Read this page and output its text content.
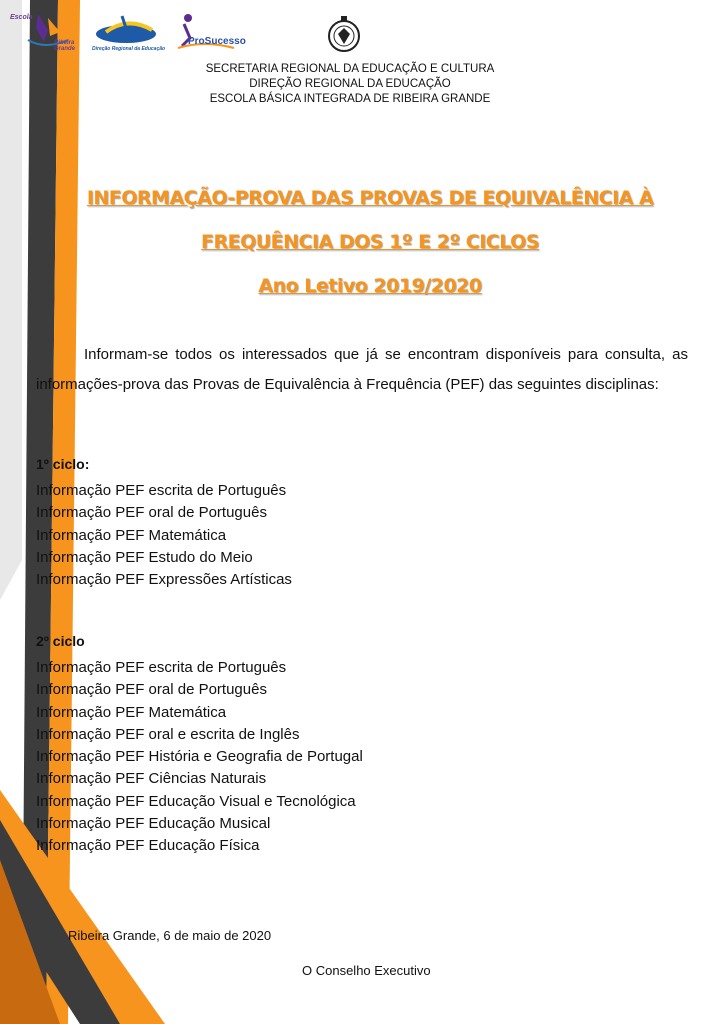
Escola
Ribeira Grande	Direção Regional da Educação
ProSucesso
SECRETARIA REGIONAL DA EDUCAÇÃO E CULTURA
DIREÇÃO REGIONAL DA EDUCAÇÃO
ESCOLA BÁSICA INTEGRADA DE RIBEIRA GRANDE
INFORMAÇÃO-PROVA DAS PROVAS DE EQUIVALÊNCIA À
FREQUÊNCIA DOS 1º E 2º CICLOS
Ano Letivo 2019/2020

Informam-se todos os interessados que já se encontram disponíveis para consulta, as informações-prova das Provas de Equivalência à Frequência (PEF) das seguintes disciplinas:

1º ciclo:
Informação PEF escrita de Português
Informação PEF oral de Português
Informação PEF Matemática
Informação PEF Estudo do Meio
Informação PEF Expressões Artísticas
2º ciclo
Informação PEF escrita de Português
Informação PEF oral de Português
Informação PEF Matemática
Informação PEF oral e escrita de Inglês
Informação PEF História e Geografia de Portugal
Informação PEF Ciências Naturais
Informação PEF Educação Visual e Tecnológica
Informação PEF Educação Musical
Informação PEF Educação Física
Ribeira Grande, 6 de maio de 2020
O Conselho Executivo
